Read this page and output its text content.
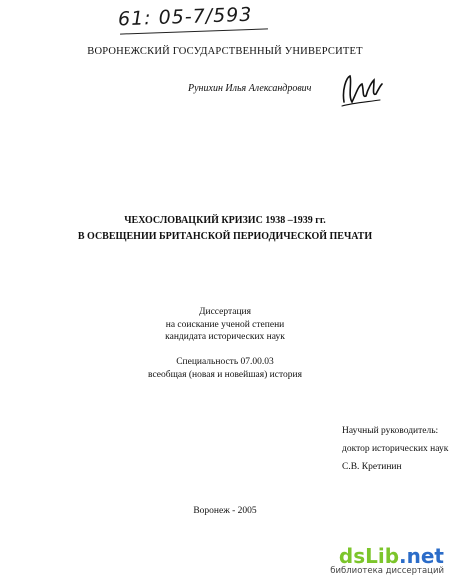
61: 05-7/593
ВОРОНЕЖСКИЙ ГОСУДАРСТВЕННЫЙ УНИВЕРСИТЕТ
Рунихин Илья Александрович
ЧЕХОСЛОВАЦКИЙ КРИЗИС 1938 –1939 гг.
В ОСВЕЩЕНИИ БРИТАНСКОЙ ПЕРИОДИЧЕСКОЙ ПЕЧАТИ
Диссертация
на соискание ученой степени
кандидата исторических наук
Специальность 07.00.03
всеобщая (новая и новейшая) история
Научный руководитель:
доктор исторических наук
С.В. Кретинин
Воронеж - 2005
dsLib.net
библиотека диссертаций
